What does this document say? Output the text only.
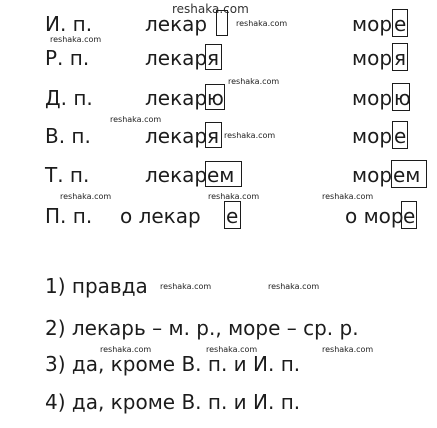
reshaka.com
И. п.	лекар	reshaka.com	мор е
reshaka.com
Р. п.	лекар я	мор я
reshaka.com
Д. п.	лекар ю	мор ю
reshaka.com
В. п.	лекар я reshaka.com	мор е
Т. п.	лекар ем	мор ем
reshaka.com	reshaka.com	reshaka.com
П. п. о лекар е	о мор е
1) правда reshaka.com	reshaka.com
2) лекарь – м. р., море – ср. р.
reshaka.com	reshaka.com	reshaka.com
3) да, кроме В. п. и И. п.
4) да, кроме В. п. и И. п.
